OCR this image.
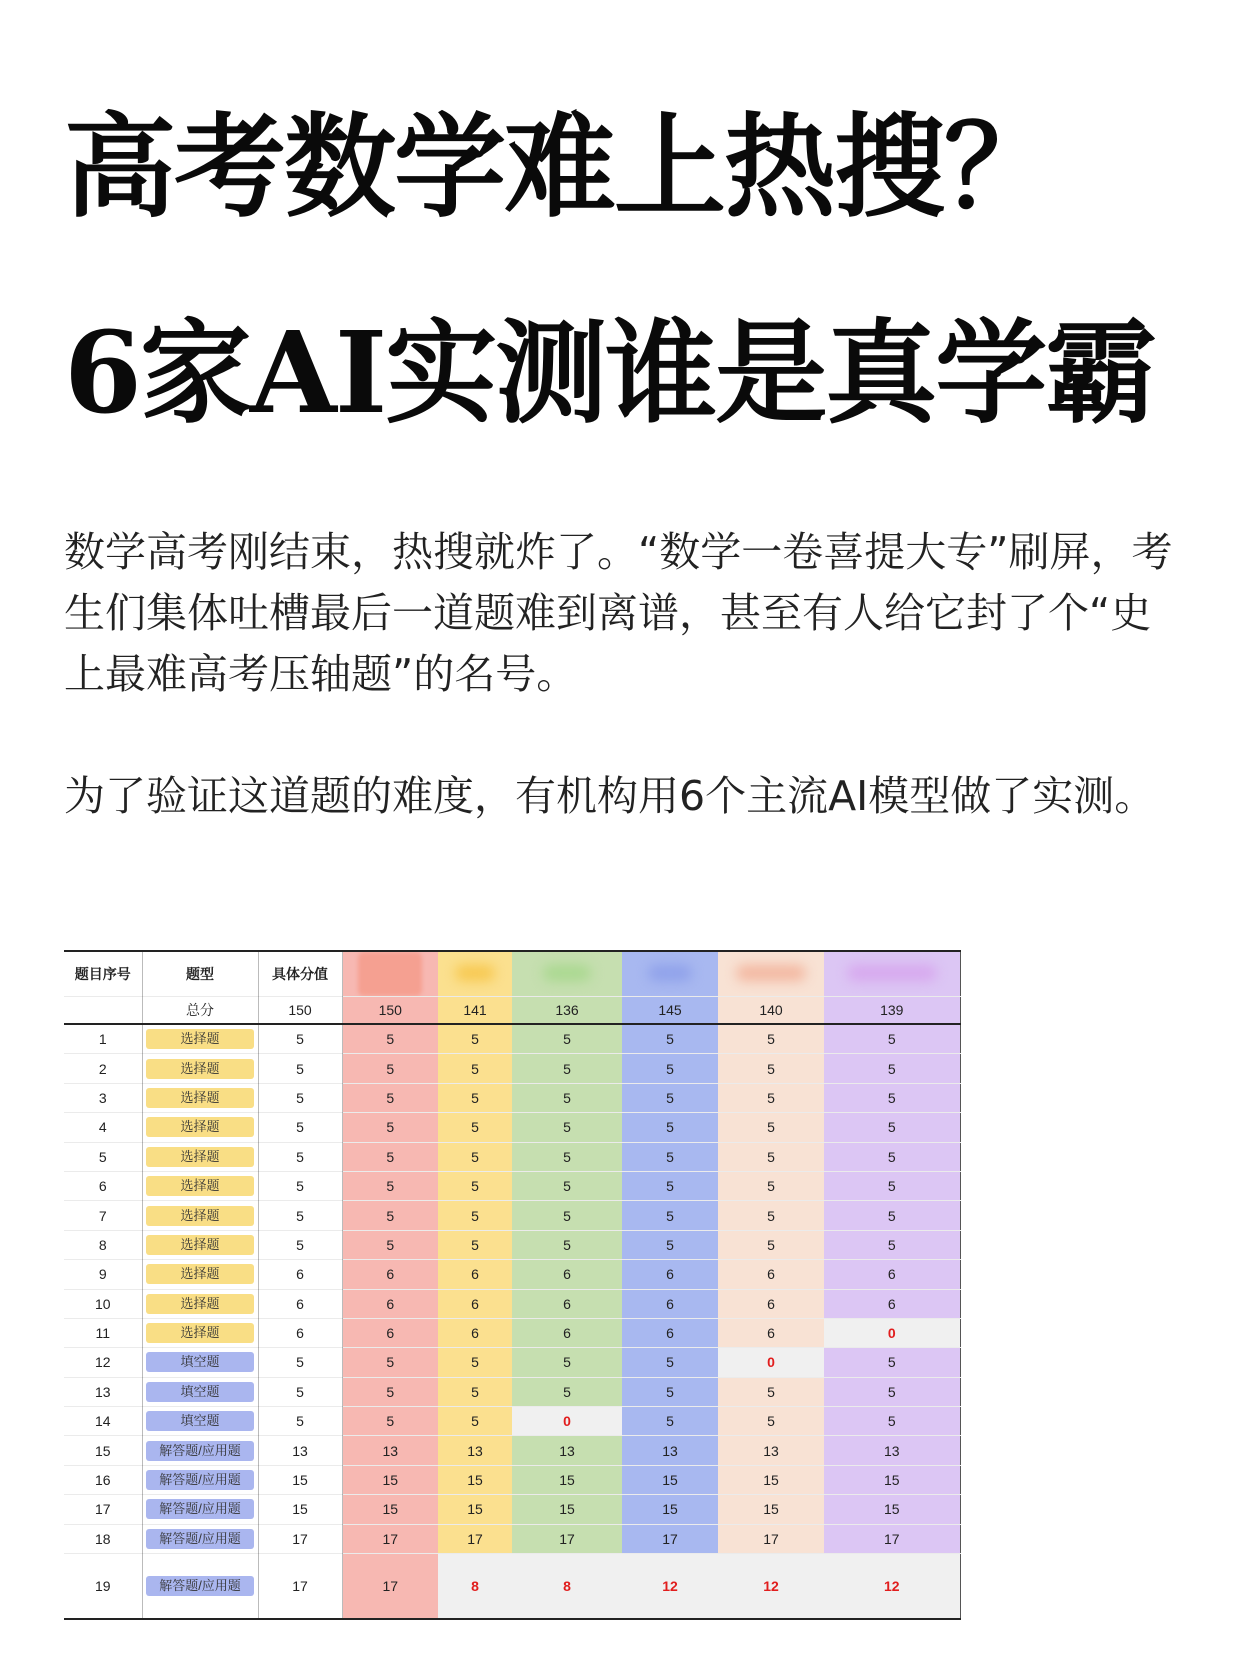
高考数学难上热搜？
6家AI实测谁是真学霸

数学高考刚结束，热搜就炸了。“数学一卷喜提大专”刷屏，考生们集体吐槽最后一道题难到离谱，甚至有人给它封了个“史上最难高考压轴题”的名号。

为了验证这道题的难度，有机构用6个主流AI模型做了实测。

题目序号	题型	具体分值	

	总分	150	150	141	136	145	140	139
1	选择题	5	5	5	5	5	5	5
2	选择题	5	5	5	5	5	5	5
3	选择题	5	5	5	5	5	5	5
4	选择题	5	5	5	5	5	5	5
5	选择题	5	5	5	5	5	5	5
6	选择题	5	5	5	5	5	5	5
7	选择题	5	5	5	5	5	5	5
8	选择题	5	5	5	5	5	5	5
9	选择题	6	6	6	6	6	6	6
10	选择题	6	6	6	6	6	6	6
11	选择题	6	6	6	6	6	6	0
12	填空题	5	5	5	5	5	0	5
13	填空题	5	5	5	5	5	5	5
14	填空题	5	5	5	0	5	5	5
15	解答题/应用题	13	13	13	13	13	13	13
16	解答题/应用题	15	15	15	15	15	15	15
17	解答题/应用题	15	15	15	15	15	15	15
18	解答题/应用题	17	17	17	17	17	17	17
19	解答题/应用题	17	17	8	8	12	12	12
